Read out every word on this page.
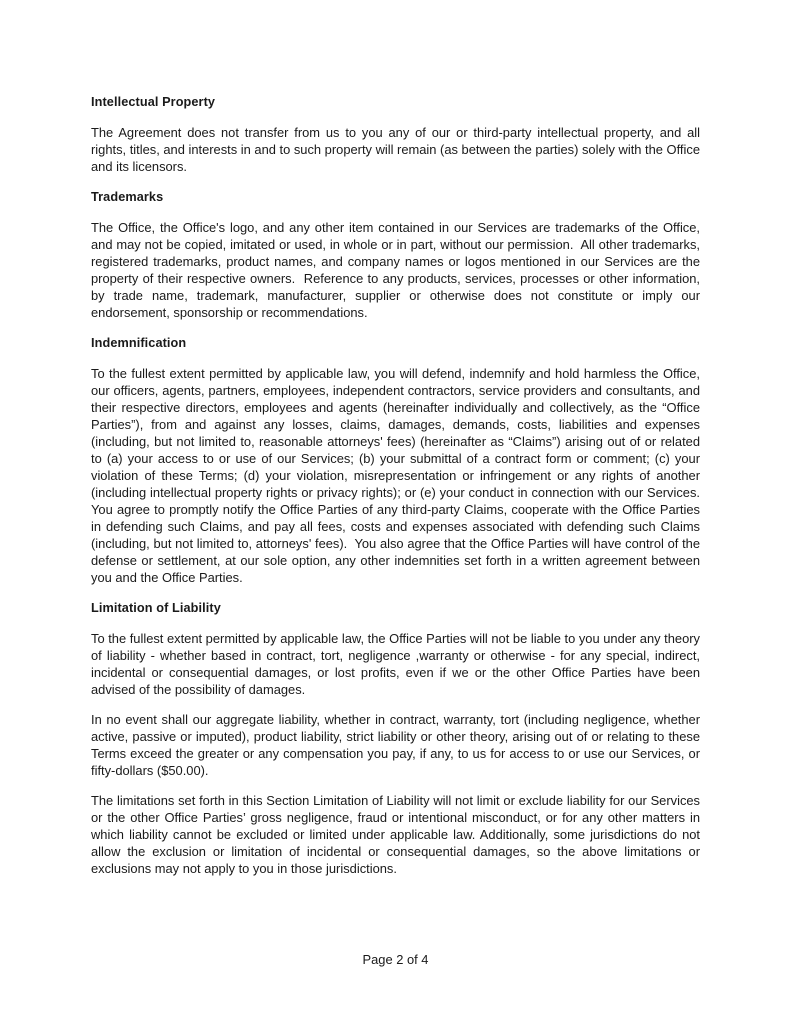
Intellectual Property

The Agreement does not transfer from us to you any of our or third-party intellectual property, and all rights, titles, and interests in and to such property will remain (as between the parties) solely with the Office and its licensors.

Trademarks

The Office, the Office's logo, and any other item contained in our Services are trademarks of the Office, and may not be copied, imitated or used, in whole or in part, without our permission.  All other trademarks, registered trademarks, product names, and company names or logos mentioned in our Services are the property of their respective owners.  Reference to any products, services, processes or other information, by trade name, trademark, manufacturer, supplier or otherwise does not constitute or imply our endorsement, sponsorship or recommendations.

Indemnification

To the fullest extent permitted by applicable law, you will defend, indemnify and hold harmless the Office, our officers, agents, partners, employees, independent contractors, service providers and consultants, and their respective directors, employees and agents (hereinafter individually and collectively, as the “Office Parties”), from and against any losses, claims, damages, demands, costs, liabilities and expenses (including, but not limited to, reasonable attorneys' fees) (hereinafter as “Claims”) arising out of or related to (a) your access to or use of our Services; (b) your submittal of a contract form or comment; (c) your violation of these Terms; (d) your violation, misrepresentation or infringement or any rights of another (including intellectual property rights or privacy rights); or (e) your conduct in connection with our Services.  You agree to promptly notify the Office Parties of any third-party Claims, cooperate with the Office Parties in defending such Claims, and pay all fees, costs and expenses associated with defending such Claims (including, but not limited to, attorneys' fees).  You also agree that the Office Parties will have control of the defense or settlement, at our sole option, any other indemnities set forth in a written agreement between you and the Office Parties.

Limitation of Liability

To the fullest extent permitted by applicable law, the Office Parties will not be liable to you under any theory of liability - whether based in contract, tort, negligence ,warranty or otherwise - for any special, indirect, incidental or consequential damages, or lost profits, even if we or the other Office Parties have been advised of the possibility of damages.

In no event shall our aggregate liability, whether in contract, warranty, tort (including negligence, whether active, passive or imputed), product liability, strict liability or other theory, arising out of or relating to these Terms exceed the greater or any compensation you pay, if any, to us for access to or use our Services, or fifty-dollars ($50.00).

The limitations set forth in this Section Limitation of Liability will not limit or exclude liability for our Services or the other Office Parties’ gross negligence, fraud or intentional misconduct, or for any other matters in which liability cannot be excluded or limited under applicable law. Additionally, some jurisdictions do not allow the exclusion or limitation of incidental or consequential damages, so the above limitations or exclusions may not apply to you in those jurisdictions.

Page 2 of 4
